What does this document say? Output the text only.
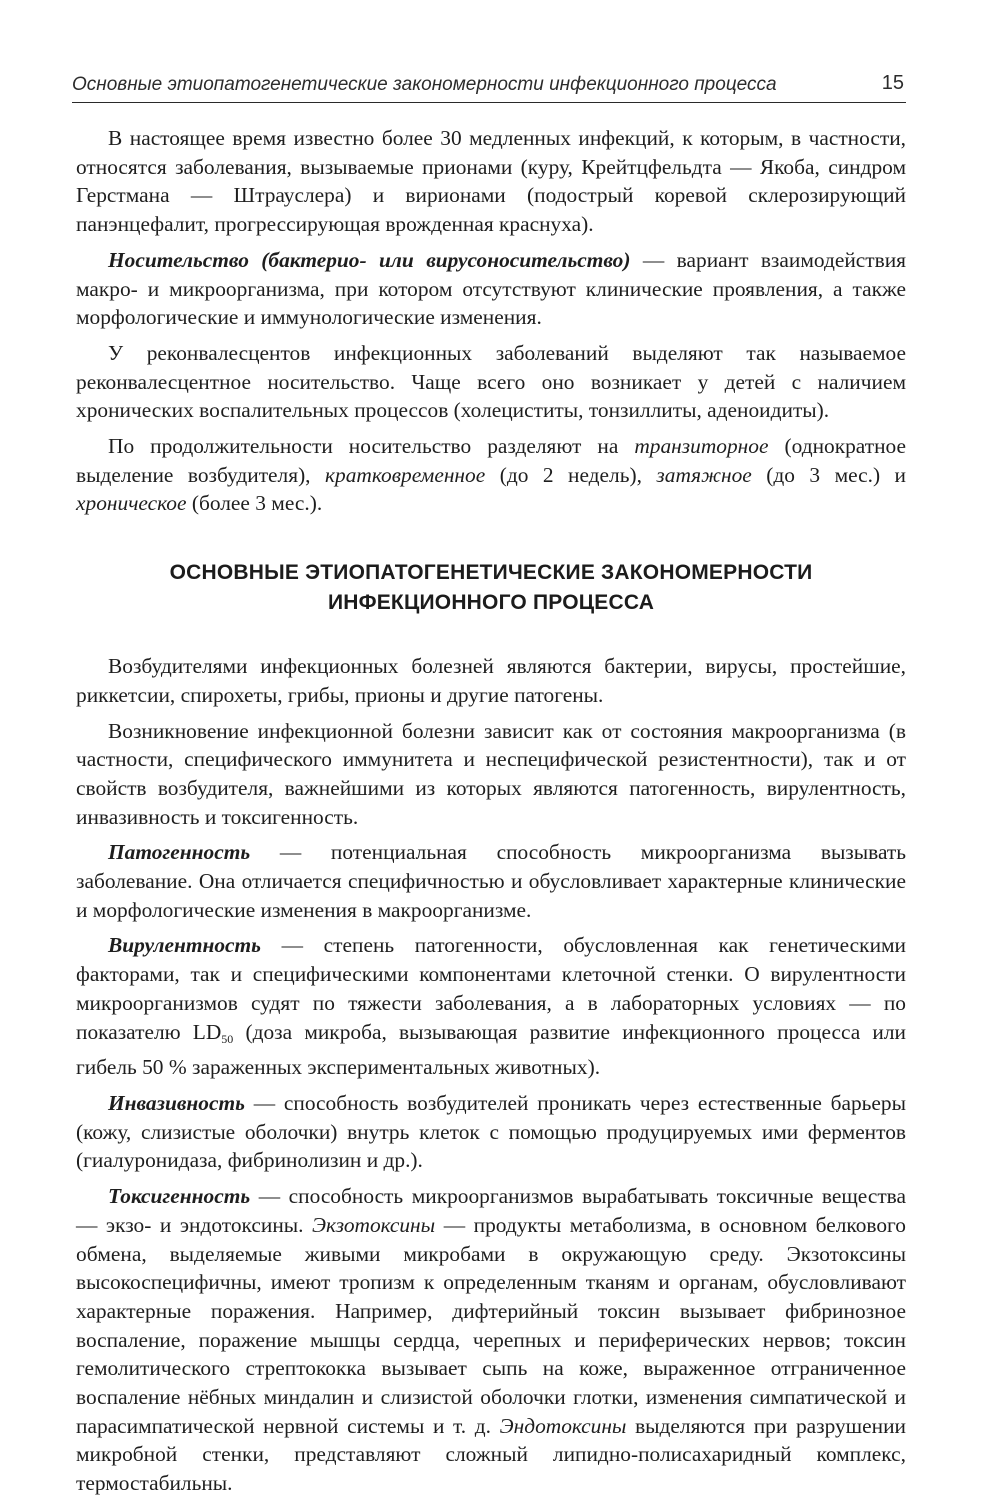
Основные этиопатогенетические закономерности инфекционного процесса	15

В настоящее время известно более 30 медленных инфекций, к которым, в частности, относятся заболевания, вызываемые прионами (куру, Крейтцфельдта — Якоба, синдром Герстмана — Штрауслера) и вирионами (подострый коревой склерозирующий панэнцефалит, прогрессирующая врожденная краснуха).

Носительство (бактерио- или вирусоносительство) — вариант взаимодействия макро- и микроорганизма, при котором отсутствуют клинические проявления, а также морфологические и иммунологические изменения.

У реконвалесцентов инфекционных заболеваний выделяют так называемое реконвалесцентное носительство. Чаще всего оно возникает у детей с наличием хронических воспалительных процессов (холециститы, тонзиллиты, аденоидиты).

По продолжительности носительство разделяют на транзиторное (однократное выделение возбудителя), кратковременное (до 2 недель), затяжное (до 3 мес.) и хроническое (более 3 мес.).

ОСНОВНЫЕ ЭТИОПАТОГЕНЕТИЧЕСКИЕ ЗАКОНОМЕРНОСТИ
ИНФЕКЦИОННОГО ПРОЦЕССА

Возбудителями инфекционных болезней являются бактерии, вирусы, простейшие, риккетсии, спирохеты, грибы, прионы и другие патогены.

Возникновение инфекционной болезни зависит как от состояния макроорганизма (в частности, специфического иммунитета и неспецифической резистентности), так и от свойств возбудителя, важнейшими из которых являются патогенность, вирулентность, инвазивность и токсигенность.

Патогенность — потенциальная способность микроорганизма вызывать заболевание. Она отличается специфичностью и обусловливает характерные клинические и морфологические изменения в макроорганизме.

Вирулентность — степень патогенности, обусловленная как генетическими факторами, так и специфическими компонентами клеточной стенки. О вирулентности микроорганизмов судят по тяжести заболевания, а в лабораторных условиях — по показателю $LD_{50}$ (доза микроба, вызывающая развитие инфекционного процесса или гибель 50 % зараженных экспериментальных животных).

Инвазивность — способность возбудителей проникать через естественные барьеры (кожу, слизистые оболочки) внутрь клеток с помощью продуцируемых ими ферментов (гиалуронидаза, фибринолизин и др.).

Токсигенность — способность микроорганизмов вырабатывать токсичные вещества — экзо- и эндотоксины. Экзотоксины — продукты метаболизма, в основном белкового обмена, выделяемые живыми микробами в окружающую среду. Экзотоксины высокоспецифичны, имеют тропизм к определенным тканям и органам, обусловливают характерные поражения. Например, дифтерийный токсин вызывает фибринозное воспаление, поражение мышцы сердца, черепных и периферических нервов; токсин гемолитического стрептококка вызывает сыпь на коже, выраженное отграниченное воспаление нёбных миндалин и слизистой оболочки глотки, изменения симпатической и парасимпатической нервной системы и т. д. Эндотоксины выделяются при разрушении микробной стенки, представляют сложный липидно-полисахаридный комплекс, термостабильны.
